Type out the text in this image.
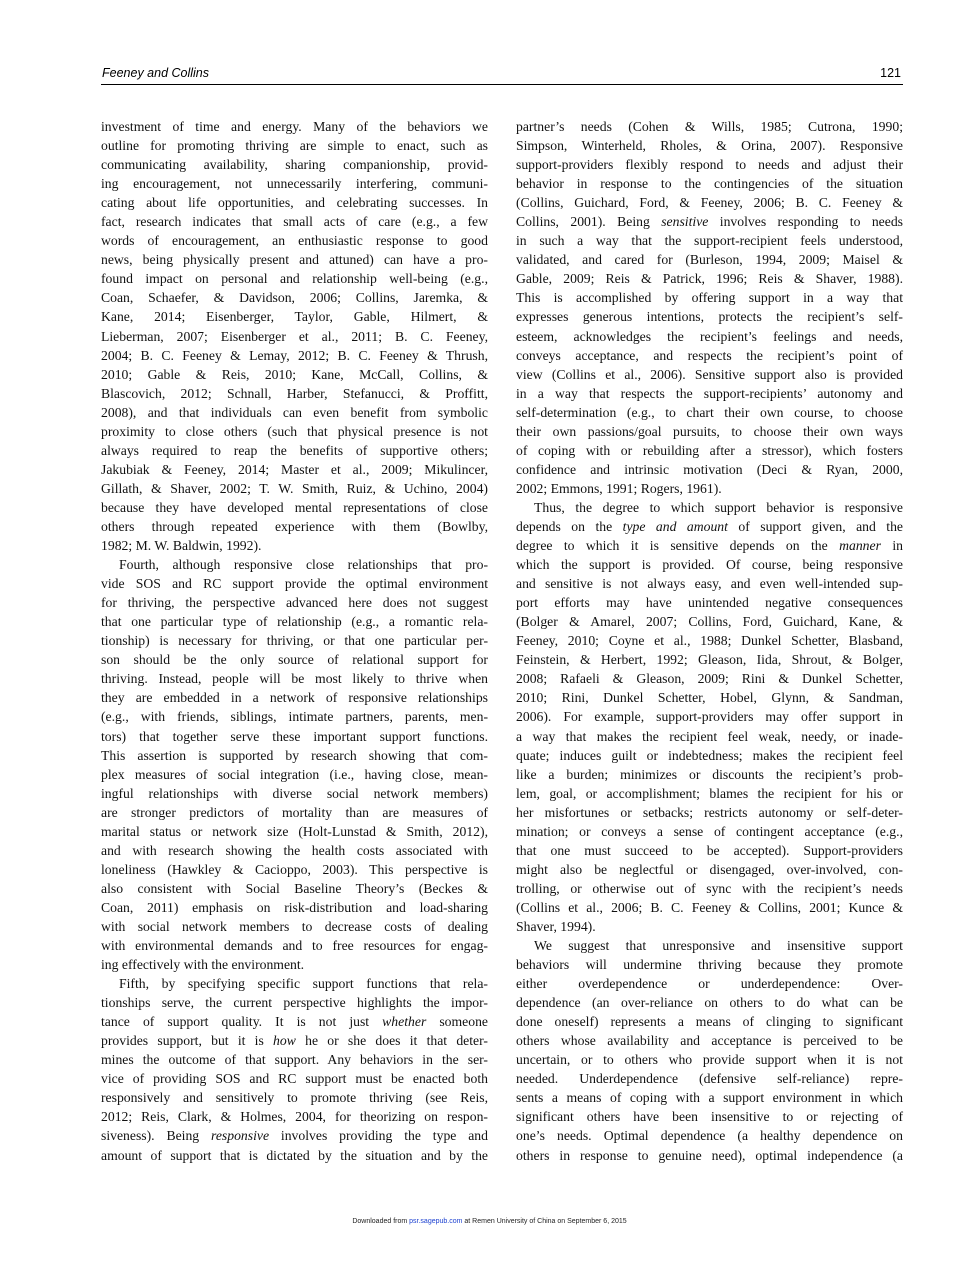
Feeney and Collins	121

investment of time and energy. Many of the behaviors we

outline for promoting thriving are simple to enact, such as

communicating availability, sharing companionship, provid-

ing encouragement, not unnecessarily interfering, communi-

cating about life opportunities, and celebrating successes. In

fact, research indicates that small acts of care (e.g., a few

words of encouragement, an enthusiastic response to good

news, being physically present and attuned) can have a pro-

found impact on personal and relationship well-being (e.g.,

Coan, Schaefer, & Davidson, 2006; Collins, Jaremka, &

Kane, 2014; Eisenberger, Taylor, Gable, Hilmert, &

Lieberman, 2007; Eisenberger et al., 2011; B. C. Feeney,

2004; B. C. Feeney & Lemay, 2012; B. C. Feeney & Thrush,

2010; Gable & Reis, 2010; Kane, McCall, Collins, &

Blascovich, 2012; Schnall, Harber, Stefanucci, & Proffitt,

2008), and that individuals can even benefit from symbolic

proximity to close others (such that physical presence is not

always required to reap the benefits of supportive others;

Jakubiak & Feeney, 2014; Master et al., 2009; Mikulincer,

Gillath, & Shaver, 2002; T. W. Smith, Ruiz, & Uchino, 2004)

because they have developed mental representations of close

others through repeated experience with them (Bowlby,

1982; M. W. Baldwin, 1992).

Fourth, although responsive close relationships that pro-

vide SOS and RC support provide the optimal environment

for thriving, the perspective advanced here does not suggest

that one particular type of relationship (e.g., a romantic rela-

tionship) is necessary for thriving, or that one particular per-

son should be the only source of relational support for

thriving. Instead, people will be most likely to thrive when

they are embedded in a network of responsive relationships

(e.g., with friends, siblings, intimate partners, parents, men-

tors) that together serve these important support functions.

This assertion is supported by research showing that com-

plex measures of social integration (i.e., having close, mean-

ingful relationships with diverse social network members)

are stronger predictors of mortality than are measures of

marital status or network size (Holt-Lunstad & Smith, 2012),

and with research showing the health costs associated with

loneliness (Hawkley & Cacioppo, 2003). This perspective is

also consistent with Social Baseline Theory’s (Beckes &

Coan, 2011) emphasis on risk-distribution and load-sharing

with social network members to decrease costs of dealing

with environmental demands and to free resources for engag-

ing effectively with the environment.

Fifth, by specifying specific support functions that rela-

tionships serve, the current perspective highlights the impor-

tance of support quality. It is not just whether someone

provides support, but it is how he or she does it that deter-

mines the outcome of that support. Any behaviors in the ser-

vice of providing SOS and RC support must be enacted both

responsively and sensitively to promote thriving (see Reis,

2012; Reis, Clark, & Holmes, 2004, for theorizing on respon-

siveness). Being responsive involves providing the type and

amount of support that is dictated by the situation and by the

partner’s needs (Cohen & Wills, 1985; Cutrona, 1990;

Simpson, Winterheld, Rholes, & Orina, 2007). Responsive

support-providers flexibly respond to needs and adjust their

behavior in response to the contingencies of the situation

(Collins, Guichard, Ford, & Feeney, 2006; B. C. Feeney &

Collins, 2001). Being sensitive involves responding to needs

in such a way that the support-recipient feels understood,

validated, and cared for (Burleson, 1994, 2009; Maisel &

Gable, 2009; Reis & Patrick, 1996; Reis & Shaver, 1988).

This is accomplished by offering support in a way that

expresses generous intentions, protects the recipient’s self-

esteem, acknowledges the recipient’s feelings and needs,

conveys acceptance, and respects the recipient’s point of

view (Collins et al., 2006). Sensitive support also is provided

in a way that respects the support-recipients’ autonomy and

self-determination (e.g., to chart their own course, to choose

their own passions/goal pursuits, to choose their own ways

of coping with or rebuilding after a stressor), which fosters

confidence and intrinsic motivation (Deci & Ryan, 2000,

2002; Emmons, 1991; Rogers, 1961).

Thus, the degree to which support behavior is responsive

depends on the type and amount of support given, and the

degree to which it is sensitive depends on the manner in

which the support is provided. Of course, being responsive

and sensitive is not always easy, and even well-intended sup-

port efforts may have unintended negative consequences

(Bolger & Amarel, 2007; Collins, Ford, Guichard, Kane, &

Feeney, 2010; Coyne et al., 1988; Dunkel Schetter, Blasband,

Feinstein, & Herbert, 1992; Gleason, Iida, Shrout, & Bolger,

2008; Rafaeli & Gleason, 2009; Rini & Dunkel Schetter,

2010; Rini, Dunkel Schetter, Hobel, Glynn, & Sandman,

2006). For example, support-providers may offer support in

a way that makes the recipient feel weak, needy, or inade-

quate; induces guilt or indebtedness; makes the recipient feel

like a burden; minimizes or discounts the recipient’s prob-

lem, goal, or accomplishment; blames the recipient for his or

her misfortunes or setbacks; restricts autonomy or self-deter-

mination; or conveys a sense of contingent acceptance (e.g.,

that one must succeed to be accepted). Support-providers

might also be neglectful or disengaged, over-involved, con-

trolling, or otherwise out of sync with the recipient’s needs

(Collins et al., 2006; B. C. Feeney & Collins, 2001; Kunce &

Shaver, 1994).

We suggest that unresponsive and insensitive support

behaviors will undermine thriving because they promote

either overdependence or underdependence: Over-

dependence (an over-reliance on others to do what can be

done oneself) represents a means of clinging to significant

others whose availability and acceptance is perceived to be

uncertain, or to others who provide support when it is not

needed. Underdependence (defensive self-reliance) repre-

sents a means of coping with a support environment in which

significant others have been insensitive to or rejecting of

one’s needs. Optimal dependence (a healthy dependence on

others in response to genuine need), optimal independence (a

Downloaded from psr.sagepub.com at Remen University of China on September 6, 2015
